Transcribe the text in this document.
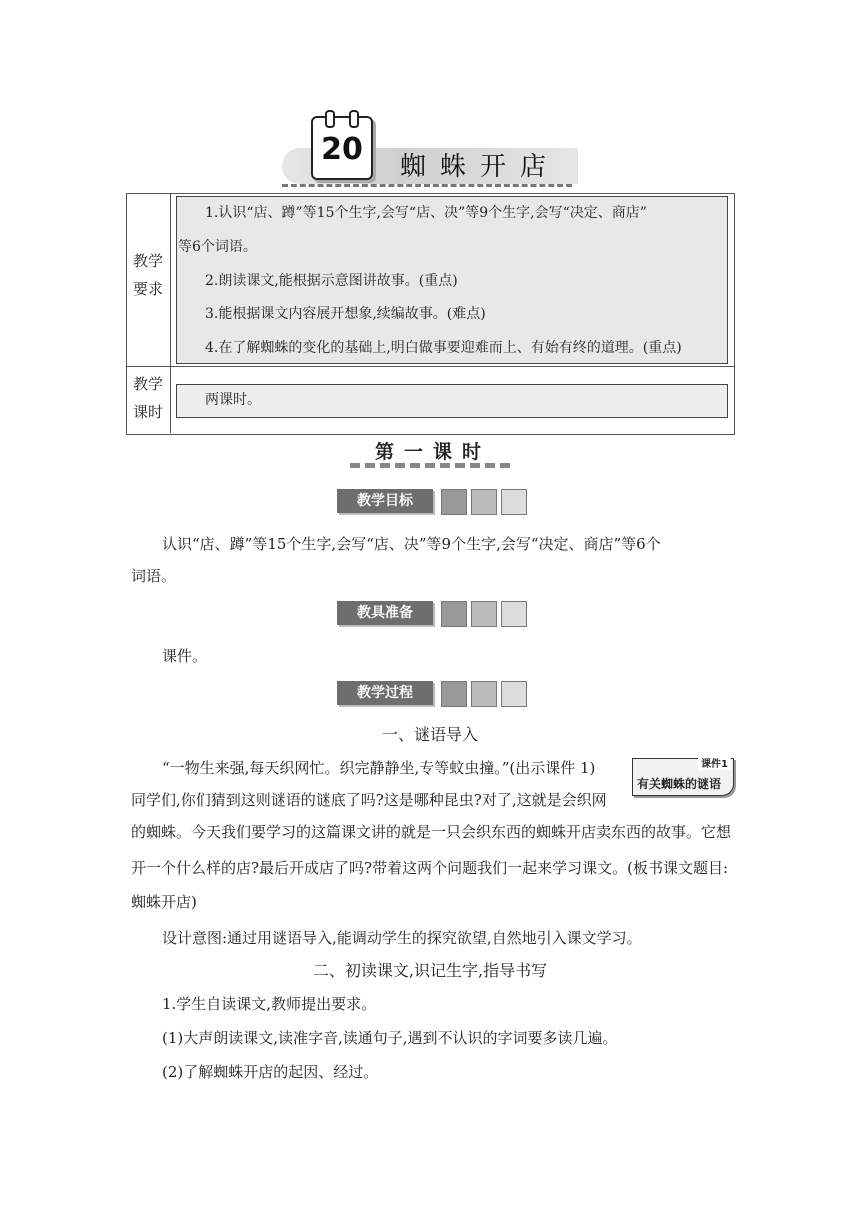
20	蜘蛛开店
教学
要求
教学
课时
1.认识“店、蹲”等15个生字,会写“店、决”等9个生字,会写“决定、商店”
等6个词语。
2.朗读课文,能根据示意图讲故事。(重点)
3.能根据课文内容展开想象,续编故事。(难点)
4.在了解蜘蛛的变化的基础上,明白做事要迎难而上、有始有终的道理。(重点)
两课时。
第一课时
教学目标
认识“店、蹲”等15个生字,会写“店、决”等9个生字,会写“决定、商店”等6个
词语。
教具准备
课件。
教学过程
一、谜语导入
“一物生来强,每天织网忙。织完静静坐,专等蚊虫撞。”(出示课件 1)	课件1
有关蜘蛛的谜语
同学们,你们猜到这则谜语的谜底了吗?这是哪种昆虫?对了,这就是会织网
的蜘蛛。今天我们要学习的这篇课文讲的就是一只会织东西的蜘蛛开店卖东西的故事。它想
开一个什么样的店?最后开成店了吗?带着这两个问题我们一起来学习课文。(板书课文题目:
蜘蛛开店)
设计意图:通过用谜语导入,能调动学生的探究欲望,自然地引入课文学习。
二、初读课文,识记生字,指导书写
1.学生自读课文,教师提出要求。
(1)大声朗读课文,读准字音,读通句子,遇到不认识的字词要多读几遍。
(2)了解蜘蛛开店的起因、经过。
